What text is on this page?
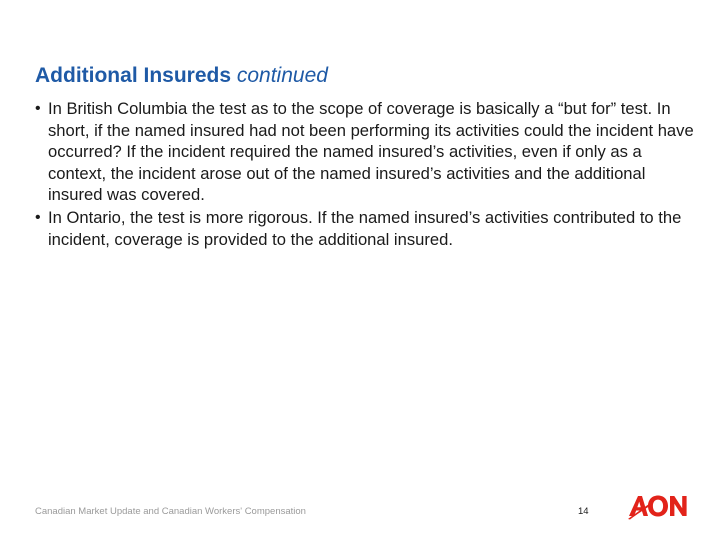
Additional Insureds continued
• In British Columbia the test as to the scope of coverage is basically a “but for” test. In short, if the named insured had not been performing its activities could the incident have occurred? If the incident required the named insured’s activities, even if only as a context, the incident arose out of the named insured’s activities and the additional insured was covered.
• In Ontario, the test is more rigorous. If the named insured’s activities contributed to the incident, coverage is provided to the additional insured.
Canadian Market Update and Canadian Workers' Compensation	14
